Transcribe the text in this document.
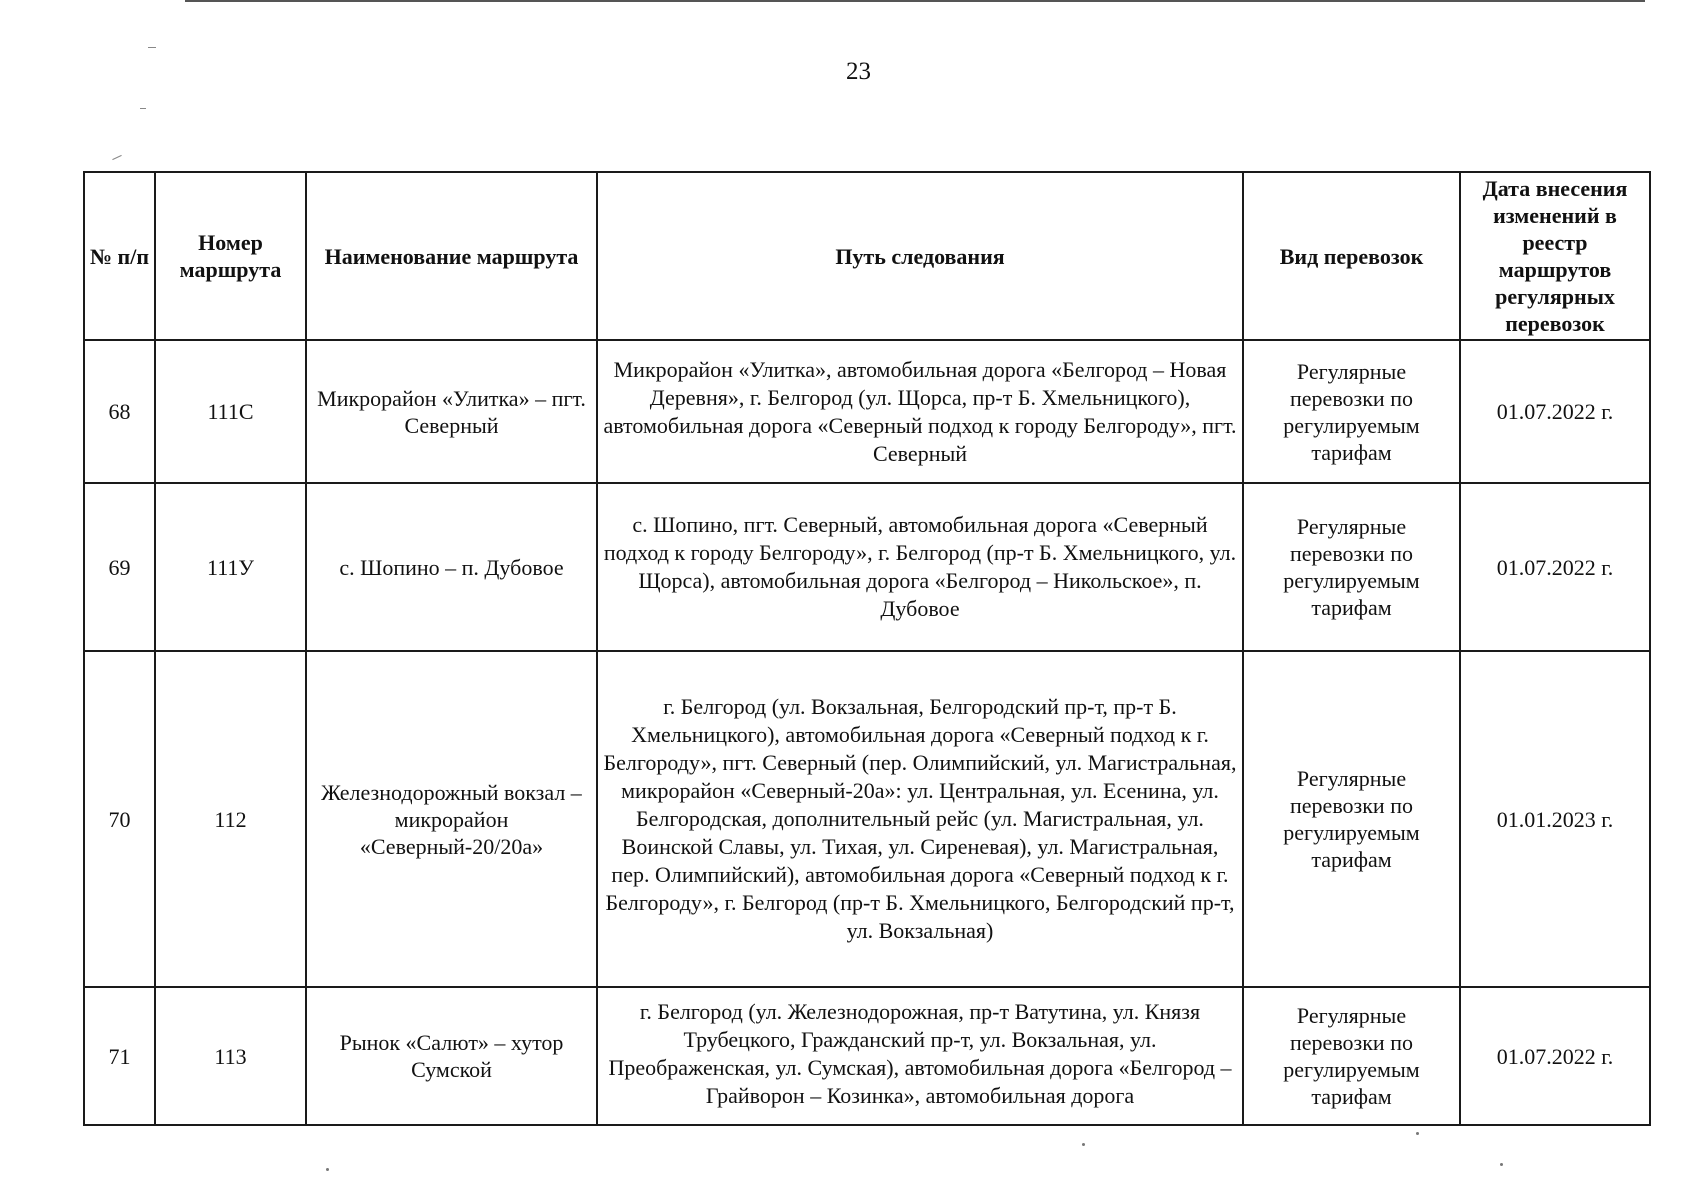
23
№ п/п	Номер маршрута	Наименование маршрута	Путь следования	Вид перевозок	Дата внесения изменений в реестр маршрутов регулярных перевозок
68	111С	Микрорайон «Улитка» – пгт. Северный	Микрорайон «Улитка», автомобильная дорога «Белгород – Новая Деревня», г. Белгород (ул. Щорса, пр-т Б. Хмельницкого), автомобильная дорога «Северный подход к городу Белгороду», пгт. Северный	Регулярные перевозки по регулируемым тарифам	01.07.2022 г.
69	111У	с. Шопино – п. Дубовое	с. Шопино, пгт. Северный, автомобильная дорога «Северный подход к городу Белгороду», г. Белгород (пр-т Б. Хмельницкого, ул. Щорса), автомобильная дорога «Белгород – Никольское», п. Дубовое	Регулярные перевозки по регулируемым тарифам	01.07.2022 г.
70	112	Железнодорожный вокзал – микрорайон «Северный-20/20а»	г. Белгород (ул. Вокзальная, Белгородский пр-т, пр-т Б. Хмельницкого), автомобильная дорога «Северный подход к г. Белгороду», пгт. Северный (пер. Олимпийский, ул. Магистральная, микрорайон «Северный-20а»: ул. Центральная, ул. Есенина, ул. Белгородская, дополнительный рейс (ул. Магистральная, ул. Воинской Славы, ул. Тихая, ул. Сиреневая), ул. Магистральная, пер. Олимпийский), автомобильная дорога «Северный подход к г. Белгороду», г. Белгород (пр-т Б. Хмельницкого, Белгородский пр-т, ул. Вокзальная)	Регулярные перевозки по регулируемым тарифам	01.01.2023 г.
71	113	Рынок «Салют» – хутор Сумской	г. Белгород (ул. Железнодорожная, пр-т Ватутина, ул. Князя Трубецкого, Гражданский пр-т, ул. Вокзальная, ул. Преображенская, ул. Сумская), автомобильная дорога «Белгород – Грайворон – Козинка», автомобильная дорога	Регулярные перевозки по регулируемым тарифам	01.07.2022 г.
